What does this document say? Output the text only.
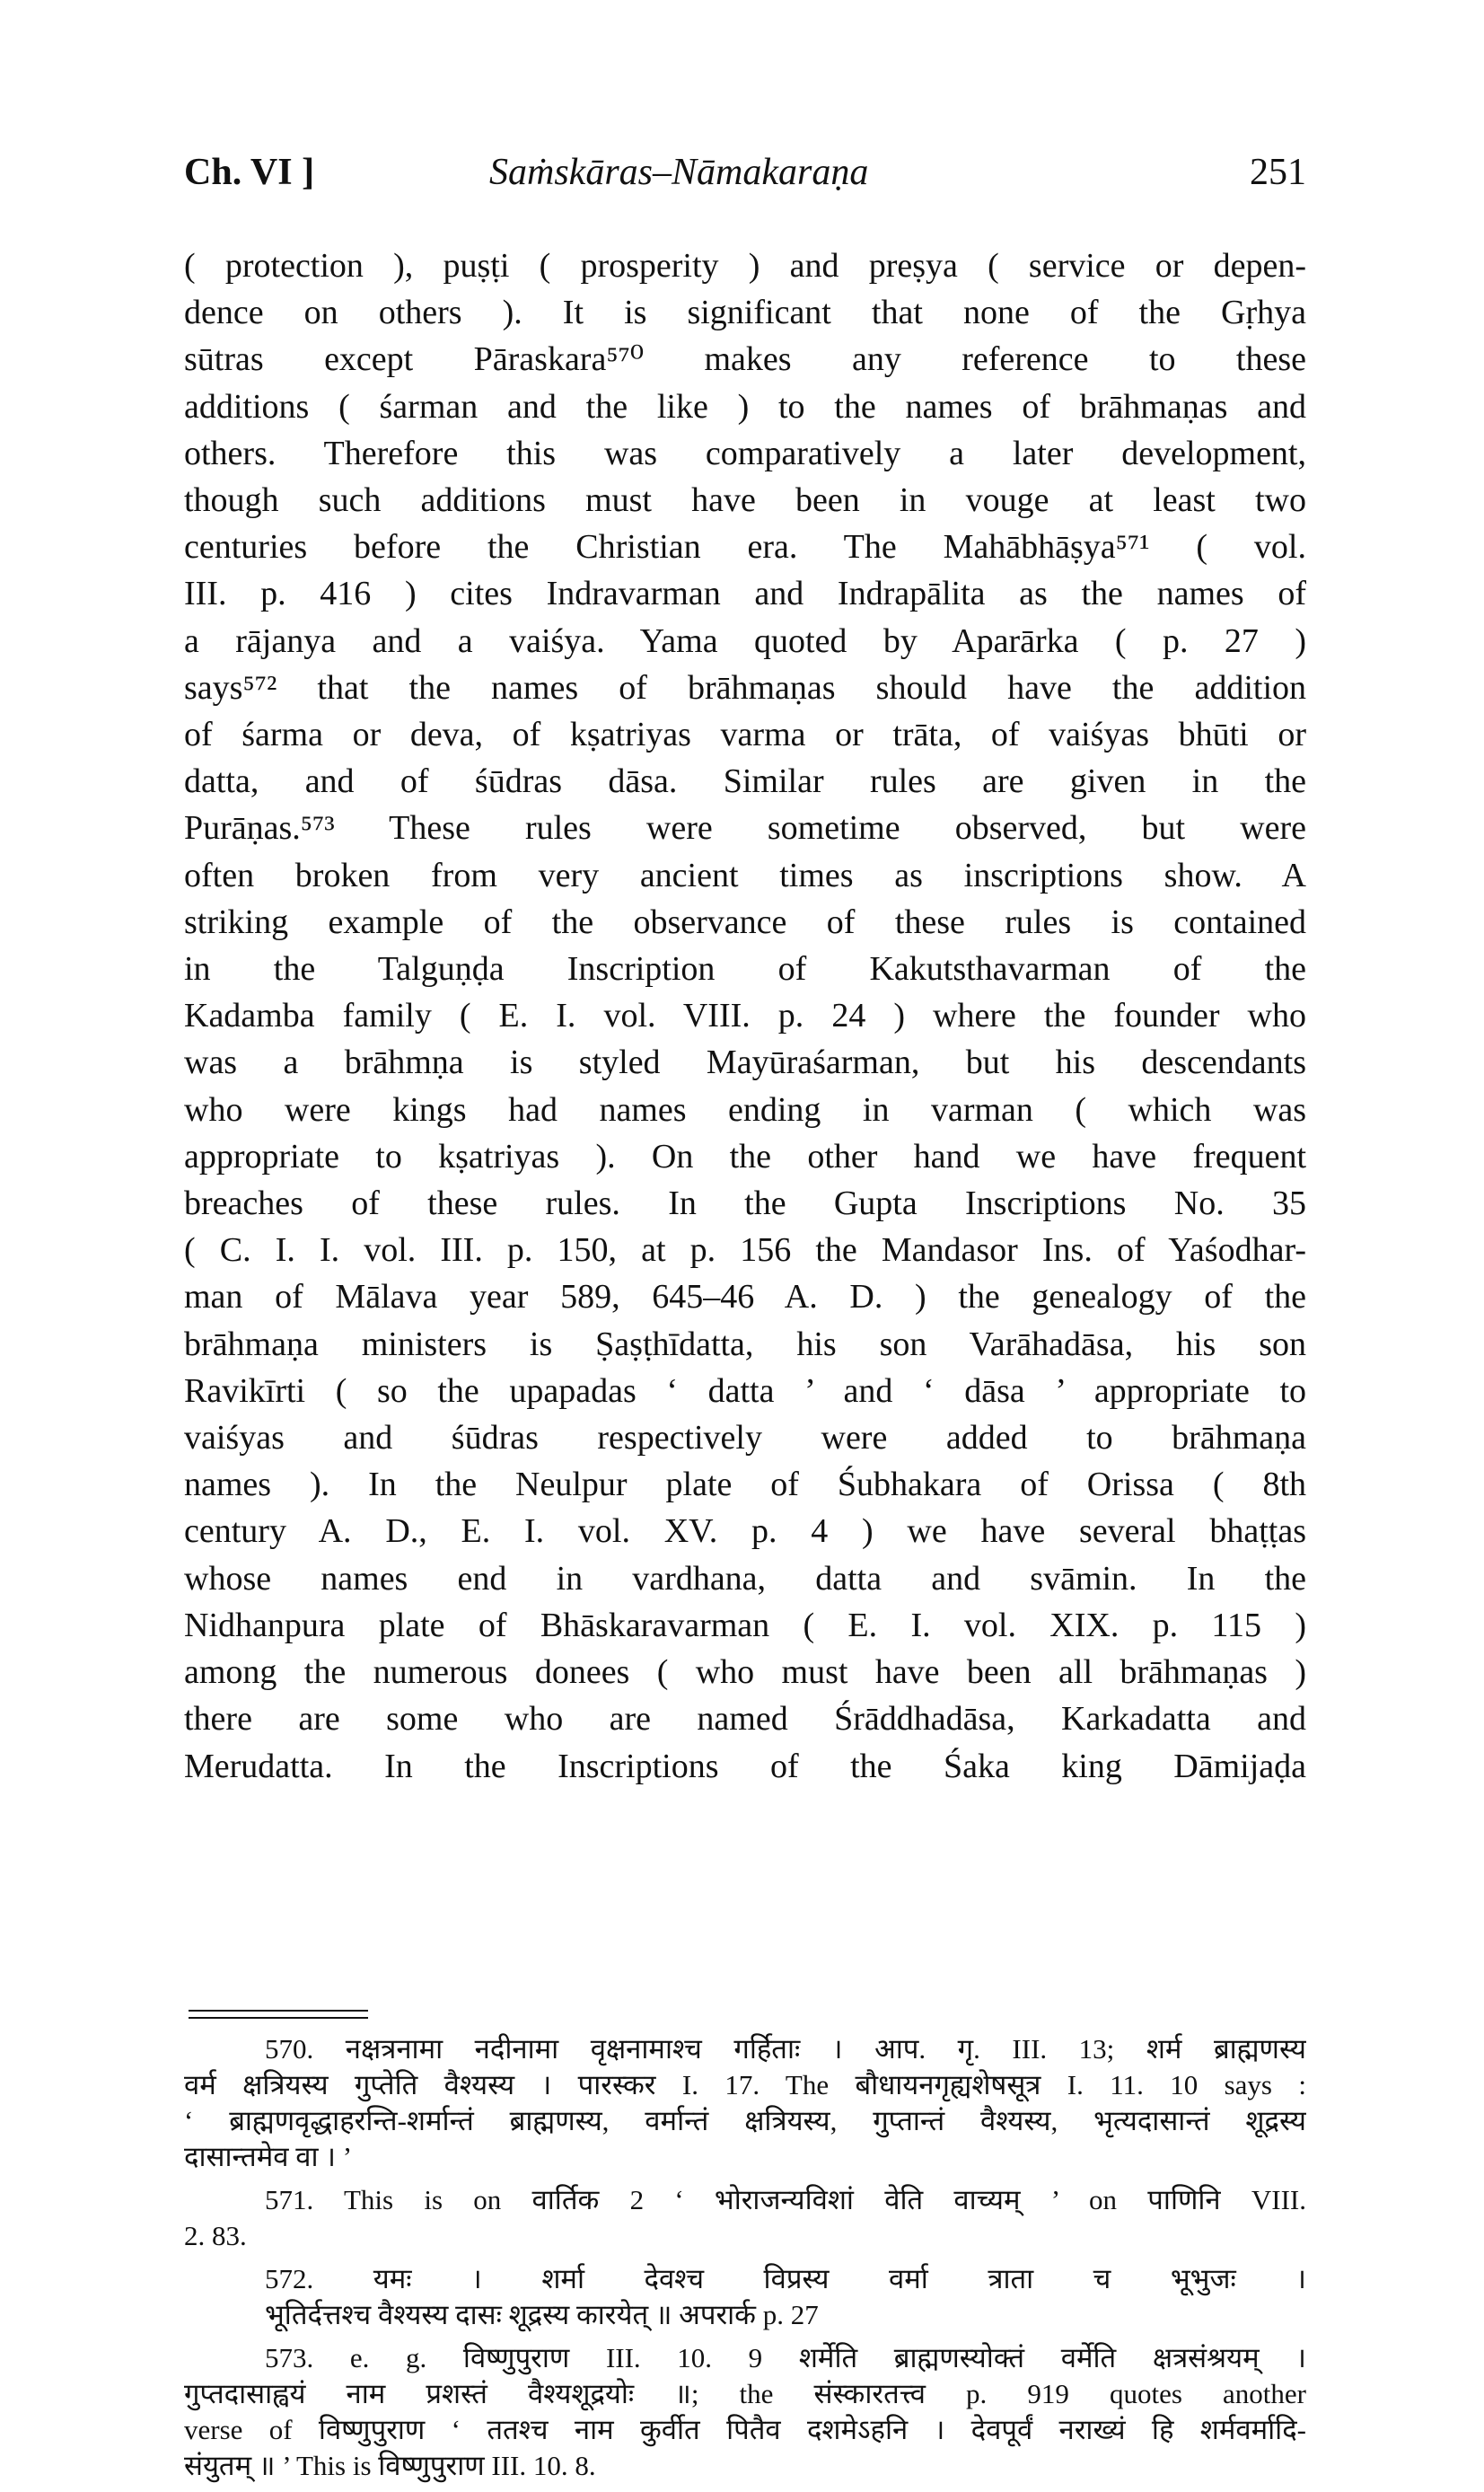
Ch. VI ]	Saṁskāras–Nāmakaraṇa	251
( protection ), puṣṭi ( prosperity ) and preṣya ( service or depen-
dence on others ). It is significant that none of the Gṛhya
sūtras except Pāraskara⁵⁷⁰ makes any reference to these
additions ( śarman and the like ) to the names of brāhmaṇas and
others. Therefore this was comparatively a later development,
though such additions must have been in vouge at least two
centuries before the Christian era. The Mahābhāṣya⁵⁷¹ ( vol.
III. p. 416 ) cites Indravarman and Indrapālita as the names of
a rājanya and a vaiśya. Yama quoted by Aparārka ( p. 27 )
says⁵⁷² that the names of brāhmaṇas should have the addition
of śarma or deva, of kṣatriyas varma or trāta, of vaiśyas bhūti or
datta, and of śūdras dāsa. Similar rules are given in the
Purāṇas.⁵⁷³ These rules were sometime observed, but were
often broken from very ancient times as inscriptions show. A
striking example of the observance of these rules is contained
in the Talguṇḍa Inscription of Kakutsthavarman of the
Kadamba family ( E. I. vol. VIII. p. 24 ) where the founder who
was a brāhmṇa is styled Mayūraśarman, but his descendants
who were kings had names ending in varman ( which was
appropriate to kṣatriyas ). On the other hand we have frequent
breaches of these rules. In the Gupta Inscriptions No. 35
( C. I. I. vol. III. p. 150, at p. 156 the Mandasor Ins. of Yaśodhar-
man of Mālava year 589, 645–46 A. D. ) the genealogy of the
brāhmaṇa ministers is Ṣaṣṭhīdatta, his son Varāhadāsa, his son
Ravikīrti ( so the upapadas ‘ datta ’ and ‘ dāsa ’ appropriate to
vaiśyas and śūdras respectively were added to brāhmaṇa
names ). In the Neulpur plate of Śubhakara of Orissa ( 8th
century A. D., E. I. vol. XV. p. 4 ) we have several bhaṭṭas
whose names end in vardhana, datta and svāmin. In the
Nidhanpura plate of Bhāskaravarman ( E. I. vol. XIX. p. 115 )
among the numerous donees ( who must have been all brāhmaṇas )
there are some who are named Śrāddhadāsa, Karkadatta and
Merudatta. In the Inscriptions of the Śaka king Dāmijaḍa
570. नक्षत्रनामा नदीनामा वृक्षनामाश्च गर्हिताः । आप. गृ. III. 13; शर्म ब्राह्मणस्य
वर्म क्षत्रियस्य गुप्तेति वैश्यस्य । पारस्कर I. 17. The बौधायनगृह्यशेषसूत्र I. 11. 10 says :
‘ ब्राह्मणवृद्धाहरन्ति-शर्मान्तं ब्राह्मणस्य, वर्मान्तं क्षत्रियस्य, गुप्तान्तं वैश्यस्य, भृत्यदासान्तं शूद्रस्य
दासान्तमेव वा । ’
571. This is on वार्तिक 2 ‘ भोराजन्यविशां वेति वाच्यम् ’ on पाणिनि VIII.
2. 83.
572. यमः । शर्मा देवश्च विप्रस्य वर्मा त्राता च भूभुजः ।
भूतिर्दत्तश्च वैश्यस्य दासः शूद्रस्य कारयेत् ॥ अपरार्क p. 27
573. e. g. विष्णुपुराण III. 10. 9 शर्मेति ब्राह्मणस्योक्तं वर्मेति क्षत्रसंश्रयम् ।
गुप्तदासाह्वयं नाम प्रशस्तं वैश्यशूद्रयोः ॥; the संस्कारतत्त्व p. 919 quotes another
verse of विष्णुपुराण ‘ ततश्च नाम कुर्वीत पितैव दशमेऽहनि । देवपूर्वं नराख्यं हि शर्मवर्मादि-
संयुतम् ॥ ’ This is विष्णुपुराण III. 10. 8.
